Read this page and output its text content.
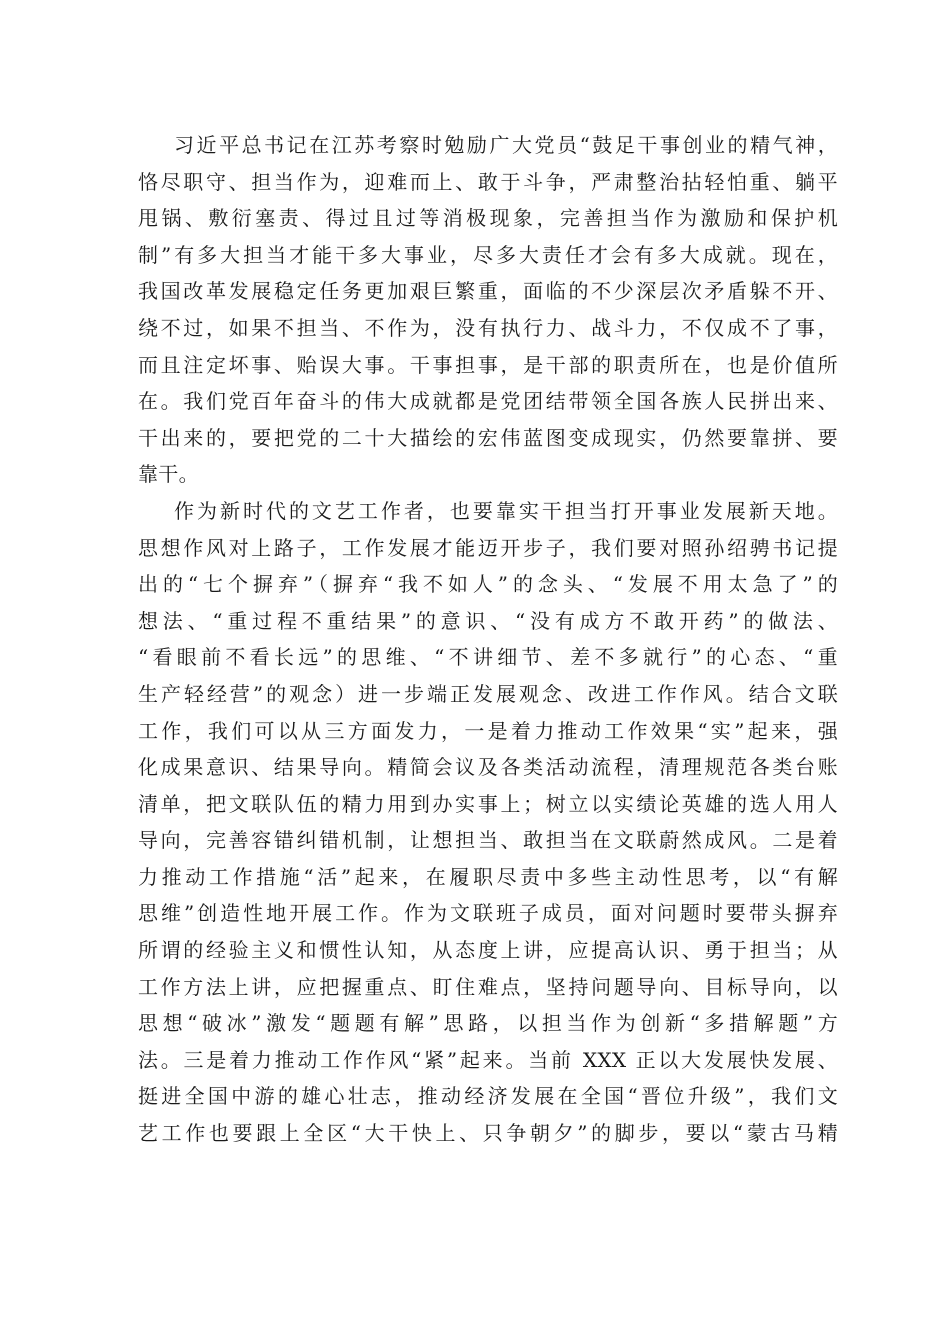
习近平总书记在江苏考察时勉励广大党员“鼓足干事创业的精气神，
恪尽职守、担当作为，迎难而上、敢于斗争，严肃整治拈轻怕重、躺平
甩锅、敷衍塞责、得过且过等消极现象，完善担当作为激励和保护机
制”有多大担当才能干多大事业，尽多大责任才会有多大成就。现在，
我国改革发展稳定任务更加艰巨繁重，面临的不少深层次矛盾躲不开、
绕不过，如果不担当、不作为，没有执行力、战斗力，不仅成不了事，
而且注定坏事、贻误大事。干事担事，是干部的职责所在，也是价值所
在。我们党百年奋斗的伟大成就都是党团结带领全国各族人民拼出来、
干出来的，要把党的二十大描绘的宏伟蓝图变成现实，仍然要靠拼、要
靠干。
作为新时代的文艺工作者，也要靠实干担当打开事业发展新天地。
思想作风对上路子，工作发展才能迈开步子，我们要对照孙绍骋书记提
出的“七个摒弃”（摒弃“我不如人”的念头、“发展不用太急了”的
想法、“重过程不重结果”的意识、“没有成方不敢开药”的做法、
“看眼前不看长远”的思维、“不讲细节、差不多就行”的心态、“重
生产轻经营”的观念）进一步端正发展观念、改进工作作风。结合文联
工作，我们可以从三方面发力，一是着力推动工作效果“实”起来，强
化成果意识、结果导向。精简会议及各类活动流程，清理规范各类台账
清单，把文联队伍的精力用到办实事上；树立以实绩论英雄的选人用人
导向，完善容错纠错机制，让想担当、敢担当在文联蔚然成风。二是着
力推动工作措施“活”起来，在履职尽责中多些主动性思考，以“有解
思维”创造性地开展工作。作为文联班子成员，面对问题时要带头摒弃
所谓的经验主义和惯性认知，从态度上讲，应提高认识、勇于担当；从
工作方法上讲，应把握重点、盯住难点，坚持问题导向、目标导向，以
思想“破冰”激发“题题有解”思路，以担当作为创新“多措解题”方
法。三是着力推动工作作风“紧”起来。当前 XXX 正以大发展快发展、
挺进全国中游的雄心壮志，推动经济发展在全国“晋位升级”，我们文
艺工作也要跟上全区“大干快上、只争朝夕”的脚步，要以“蒙古马精
